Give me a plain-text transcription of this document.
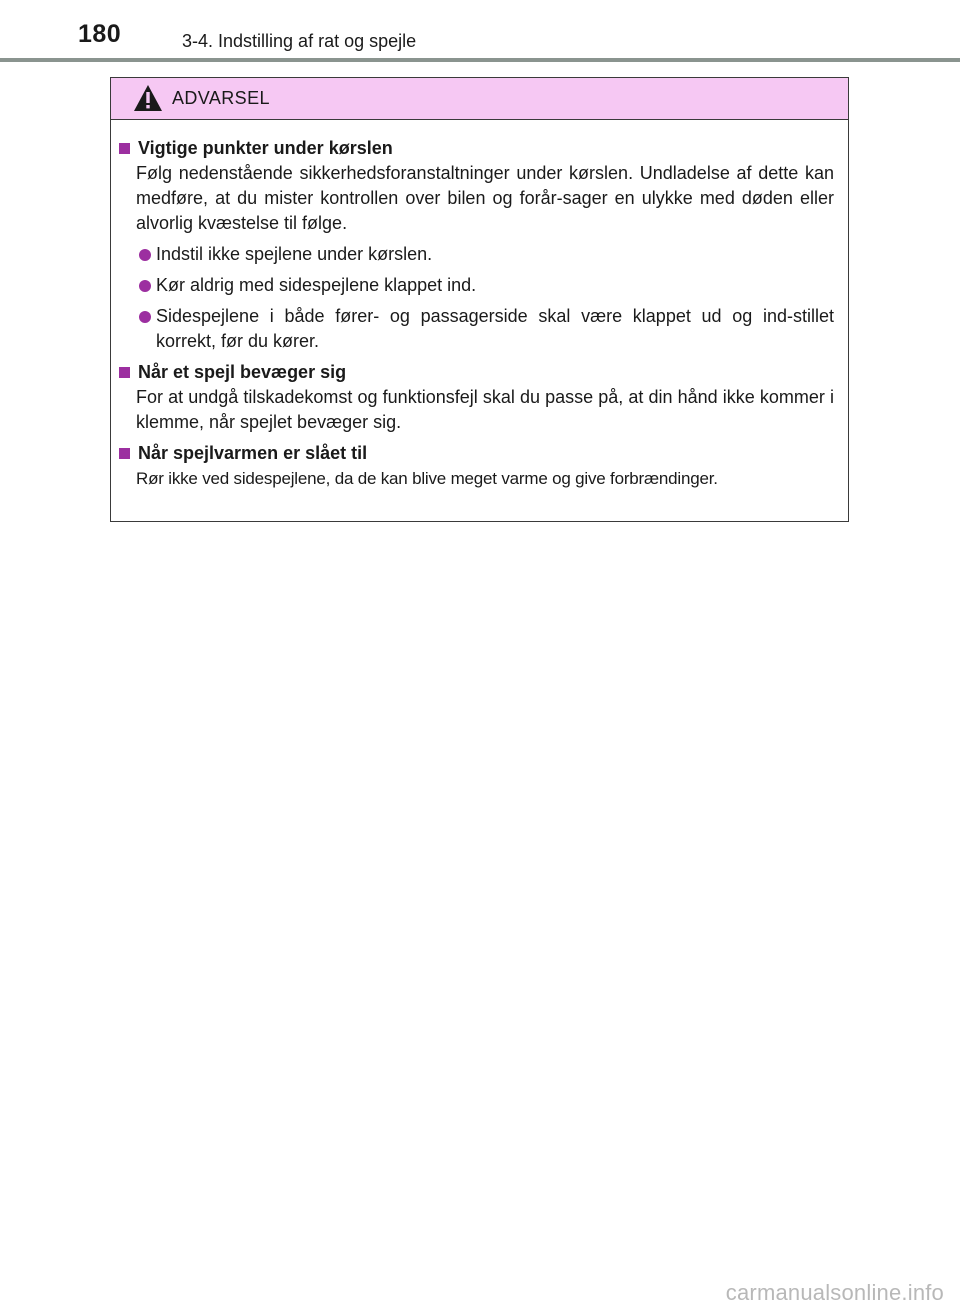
180	3-4. Indstilling af rat og spejle
ADVARSEL
Vigtige punkter under kørslen
Følg nedenstående sikkerhedsforanstaltninger under kørslen. Undladelse af dette kan medføre, at du mister kontrollen over bilen og forår-sager en ulykke med døden eller alvorlig kvæstelse til følge.
Indstil ikke spejlene under kørslen.
Kør aldrig med sidespejlene klappet ind.
Sidespejlene i både fører- og passagerside skal være klappet ud og ind-stillet korrekt, før du kører.
Når et spejl bevæger sig
For at undgå tilskadekomst og funktionsfejl skal du passe på, at din hånd ikke kommer i klemme, når spejlet bevæger sig.
Når spejlvarmen er slået til
Rør ikke ved sidespejlene, da de kan blive meget varme og give forbrændinger.
carmanualsonline.info
